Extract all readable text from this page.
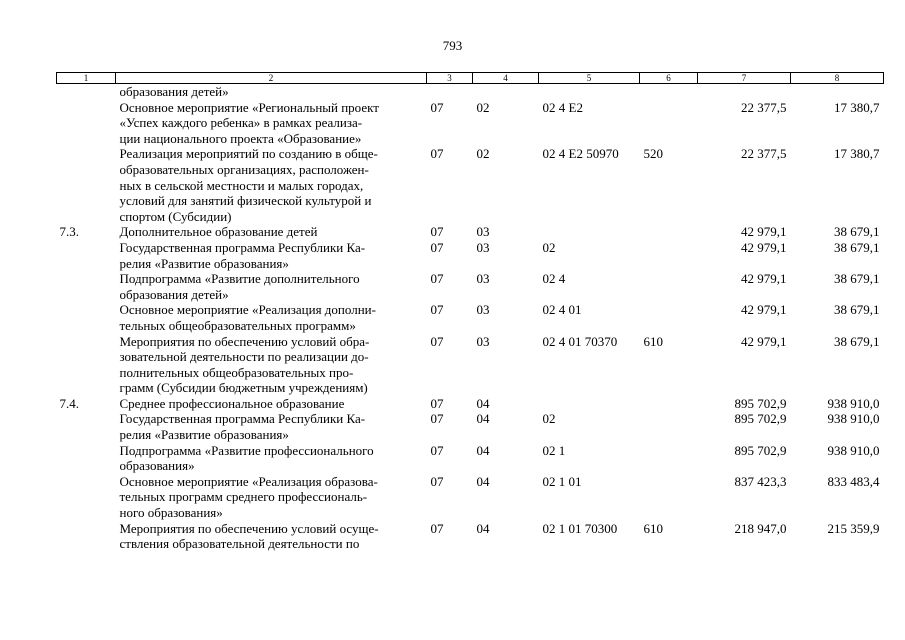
793
1	2	3	4	5	6	7	8
	образования детей»						
	Основное мероприятие «Региональный проект
«Успех каждого ребенка» в рамках реализа-
ции национального проекта «Образование»	07	02	02 4 E2		22 377,5	17 380,7
	Реализация мероприятий по созданию в обще-
образовательных организациях, расположен-
ных в сельской местности и малых городах,
условий для занятий физической культурой и
спортом (Субсидии)	07	02	02 4 E2 50970	520	22 377,5	17 380,7
7.3.	Дополнительное образование детей	07	03			42 979,1	38 679,1
	Государственная программа Республики Ка-
релия «Развитие образования»	07	03	02		42 979,1	38 679,1
	Подпрограмма «Развитие дополнительного
образования детей»	07	03	02 4		42 979,1	38 679,1
	Основное мероприятие «Реализация дополни-
тельных общеобразовательных программ»	07	03	02 4 01		42 979,1	38 679,1
	Мероприятия по обеспечению условий обра-
зовательной деятельности по реализации до-
полнительных общеобразовательных про-
грамм (Субсидии бюджетным учреждениям)	07	03	02 4 01 70370	610	42 979,1	38 679,1
7.4.	Среднее профессиональное образование	07	04			895 702,9	938 910,0
	Государственная программа Республики Ка-
релия «Развитие образования»	07	04	02		895 702,9	938 910,0
	Подпрограмма «Развитие профессионального
образования»	07	04	02 1		895 702,9	938 910,0
	Основное мероприятие «Реализация образова-
тельных программ среднего профессиональ-
ного образования»	07	04	02 1 01		837 423,3	833 483,4
	Мероприятия по обеспечению условий осуще-
ствления образовательной деятельности по	07	04	02 1 01 70300	610	218 947,0	215 359,9
